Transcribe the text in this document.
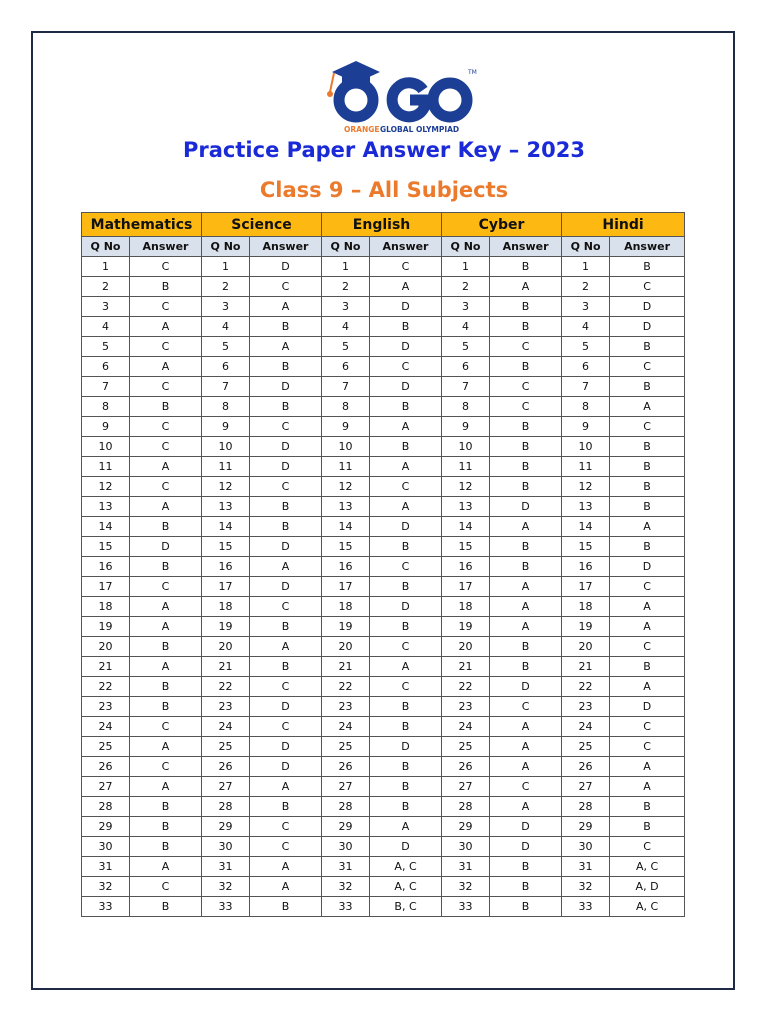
TM
ORANGE GLOBAL OLYMPIAD
Practice Paper Answer Key – 2023
Class 9 – All Subjects
Mathematics		Science		English		Cyber		Hindi	
Q No	Answer	Q No	Answer	Q No	Answer	Q No	Answer	Q No	Answer
1	C	1	D	1	C	1	B	1	B
2	B	2	C	2	A	2	A	2	C
3	C	3	A	3	D	3	B	3	D
4	A	4	B	4	B	4	B	4	D
5	C	5	A	5	D	5	C	5	B
6	A	6	B	6	C	6	B	6	C
7	C	7	D	7	D	7	C	7	B
8	B	8	B	8	B	8	C	8	A
9	C	9	C	9	A	9	B	9	C
10	C	10	D	10	B	10	B	10	B
11	A	11	D	11	A	11	B	11	B
12	C	12	C	12	C	12	B	12	B
13	A	13	B	13	A	13	D	13	B
14	B	14	B	14	D	14	A	14	A
15	D	15	D	15	B	15	B	15	B
16	B	16	A	16	C	16	B	16	D
17	C	17	D	17	B	17	A	17	C
18	A	18	C	18	D	18	A	18	A
19	A	19	B	19	B	19	A	19	A
20	B	20	A	20	C	20	B	20	C
21	A	21	B	21	A	21	B	21	B
22	B	22	C	22	C	22	D	22	A
23	B	23	D	23	B	23	C	23	D
24	C	24	C	24	B	24	A	24	C
25	A	25	D	25	D	25	A	25	C
26	C	26	D	26	B	26	A	26	A
27	A	27	A	27	B	27	C	27	A
28	B	28	B	28	B	28	A	28	B
29	B	29	C	29	A	29	D	29	B
30	B	30	C	30	D	30	D	30	C
31	A	31	A	31	A, C	31	B	31	A, C
32	C	32	A	32	A, C	32	B	32	A, D
33	B	33	B	33	B, C	33	B	33	A, C
